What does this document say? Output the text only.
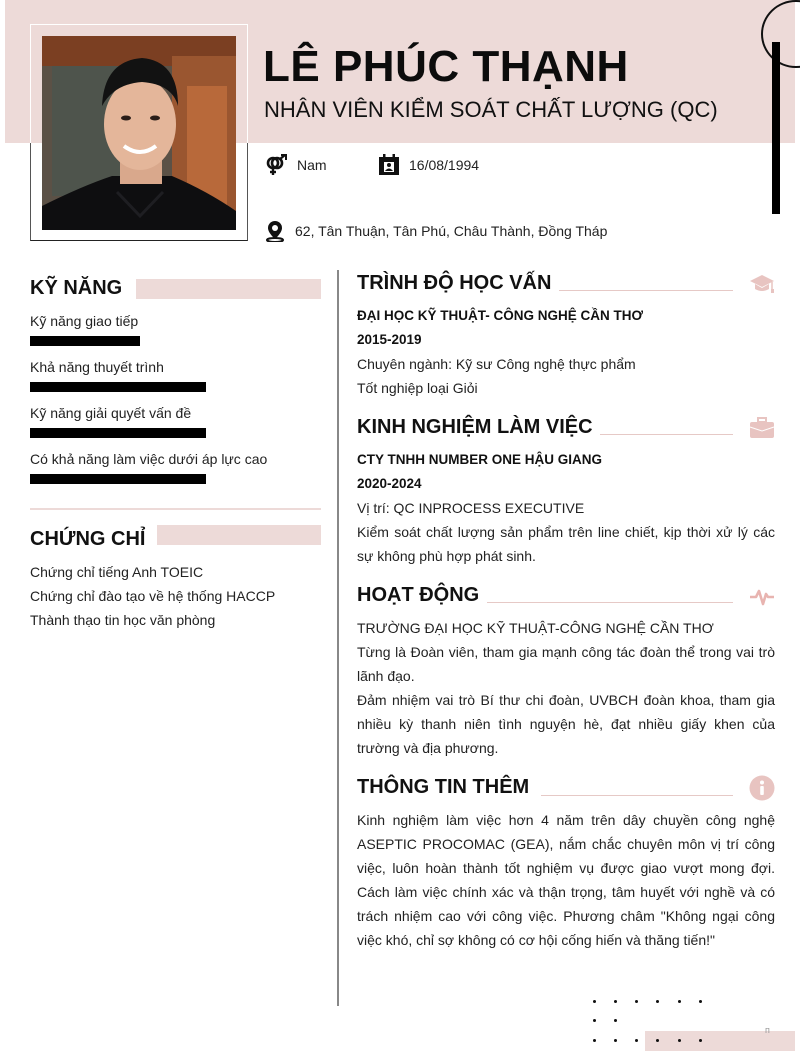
LÊ PHÚC THẠNH
NHÂN VIÊN KIỂM SOÁT CHẤT LƯỢNG (QC)
Nam	16/08/1994
62, Tân Thuận, Tân Phú, Châu Thành, Đồng Tháp
KỸ NĂNG
Kỹ năng giao tiếp
Khả năng thuyết trình
Kỹ năng giải quyết vấn đề
Có khả năng làm việc dưới áp lực cao
CHỨNG CHỈ
Chứng chỉ tiếng Anh TOEIC
Chứng chỉ đào tạo về hệ thống HACCP
Thành thạo tin học văn phòng
TRÌNH ĐỘ HỌC VẤN
ĐẠI HỌC KỸ THUẬT- CÔNG NGHỆ CẦN THƠ
2015-2019
Chuyên ngành: Kỹ sư Công nghệ thực phẩm
Tốt nghiệp loại Giỏi
KINH NGHIỆM LÀM VIỆC
CTY TNHH NUMBER ONE HẬU GIANG
2020-2024
Vị trí: QC INPROCESS EXECUTIVE
Kiểm soát chất lượng sản phẩm trên line chiết, kịp thời xử lý các sự không phù hợp phát sinh.
HOẠT ĐỘNG
TRƯỜNG ĐẠI HỌC KỸ THUẬT-CÔNG NGHỆ CẦN THƠ
Từng là Đoàn viên, tham gia mạnh công tác đoàn thể trong vai trò lãnh đạo.
Đảm nhiệm vai trò Bí thư chi đoàn, UVBCH đoàn khoa, tham gia nhiều kỳ thanh niên tình nguyện hè, đạt nhiều giấy khen của trường và địa phương.
THÔNG TIN THÊM
Kinh nghiệm làm việc hơn 4 năm trên dây chuyền công nghệ ASEPTIC PROCOMAC (GEA), nắm chắc chuyên môn vị trí công việc, luôn hoàn thành tốt nghiệm vụ được giao vượt mong đợi. Cách làm việc chính xác và thận trọng, tâm huyết với nghề và có trách nhiệm cao với công việc. Phương châm "Không ngại công việc khó, chỉ sợ không có cơ hội cống hiến và thăng tiến!"
п
